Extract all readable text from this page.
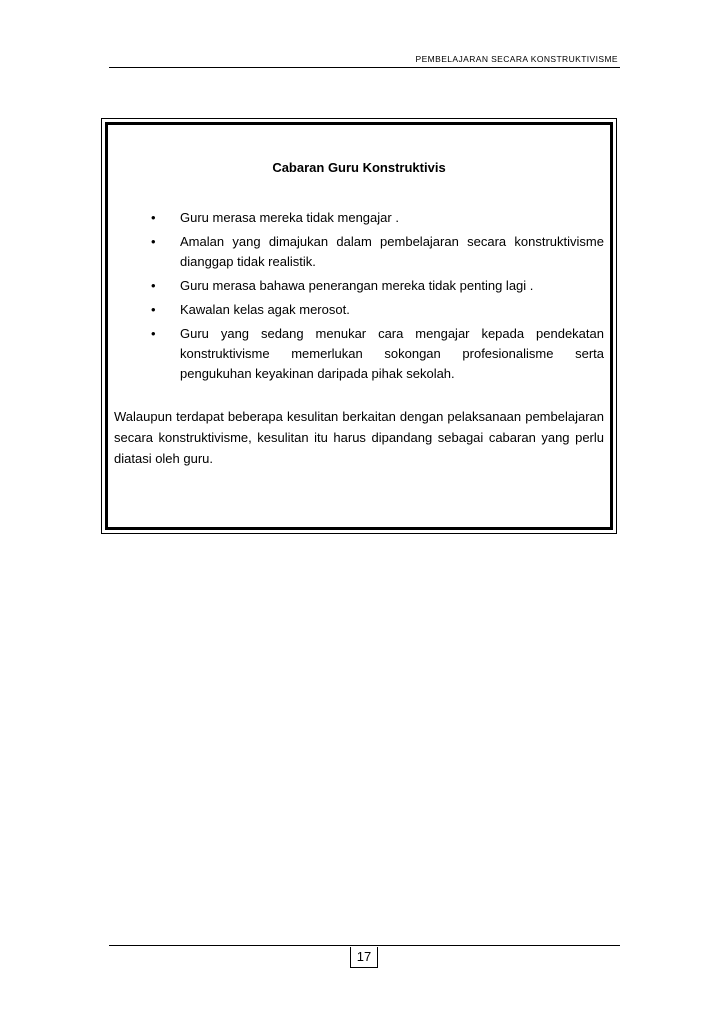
PEMBELAJARAN SECARA KONSTRUKTIVISME
Cabaran Guru Konstruktivis
• Guru merasa mereka tidak mengajar .
• Amalan yang dimajukan dalam pembelajaran secara konstruktivisme dianggap tidak realistik.
• Guru merasa bahawa penerangan mereka tidak penting lagi .
• Kawalan kelas agak merosot.
• Guru yang sedang menukar cara mengajar kepada pendekatan konstruktivisme memerlukan sokongan profesionalisme serta pengukuhan keyakinan daripada pihak sekolah.
Walaupun terdapat beberapa kesulitan berkaitan dengan pelaksanaan pembelajaran secara konstruktivisme, kesulitan itu harus dipandang sebagai cabaran yang perlu diatasi oleh guru.
17
